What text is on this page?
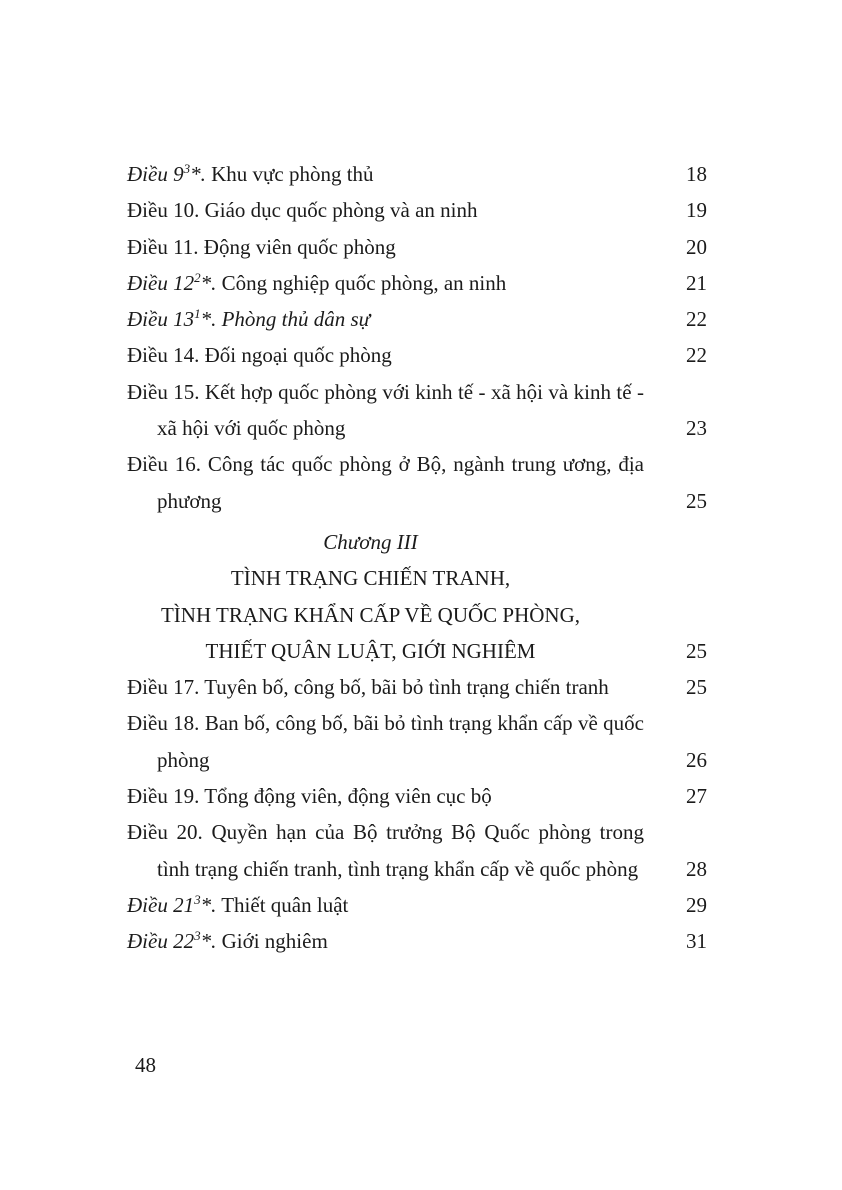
Điều $9^3*$. Khu vực phòng thủ	18
Điều 10. Giáo dục quốc phòng và an ninh	19
Điều 11. Động viên quốc phòng	20
Điều $12^2*$. Công nghiệp quốc phòng, an ninh	21
Điều $13^1*$. Phòng thủ dân sự	22
Điều 14. Đối ngoại quốc phòng	22
Điều 15. Kết hợp quốc phòng với kinh tế - xã hội và kinh tế - xã hội với quốc phòng	23
Điều 16. Công tác quốc phòng ở Bộ, ngành trung ương, địa phương	25
Chương III
TÌNH TRẠNG CHIẾN TRANH,
TÌNH TRẠNG KHẨN CẤP VỀ QUỐC PHÒNG,
THIẾT QUÂN LUẬT, GIỚI NGHIÊM	25
Điều 17. Tuyên bố, công bố, bãi bỏ tình trạng chiến tranh	25
Điều 18. Ban bố, công bố, bãi bỏ tình trạng khẩn cấp về quốc phòng	26
Điều 19. Tổng động viên, động viên cục bộ	27
Điều 20. Quyền hạn của Bộ trưởng Bộ Quốc phòng trong tình trạng chiến tranh, tình trạng khẩn cấp về quốc phòng	28
Điều $21^3*$. Thiết quân luật	29
Điều $22^3*$. Giới nghiêm	31
48
